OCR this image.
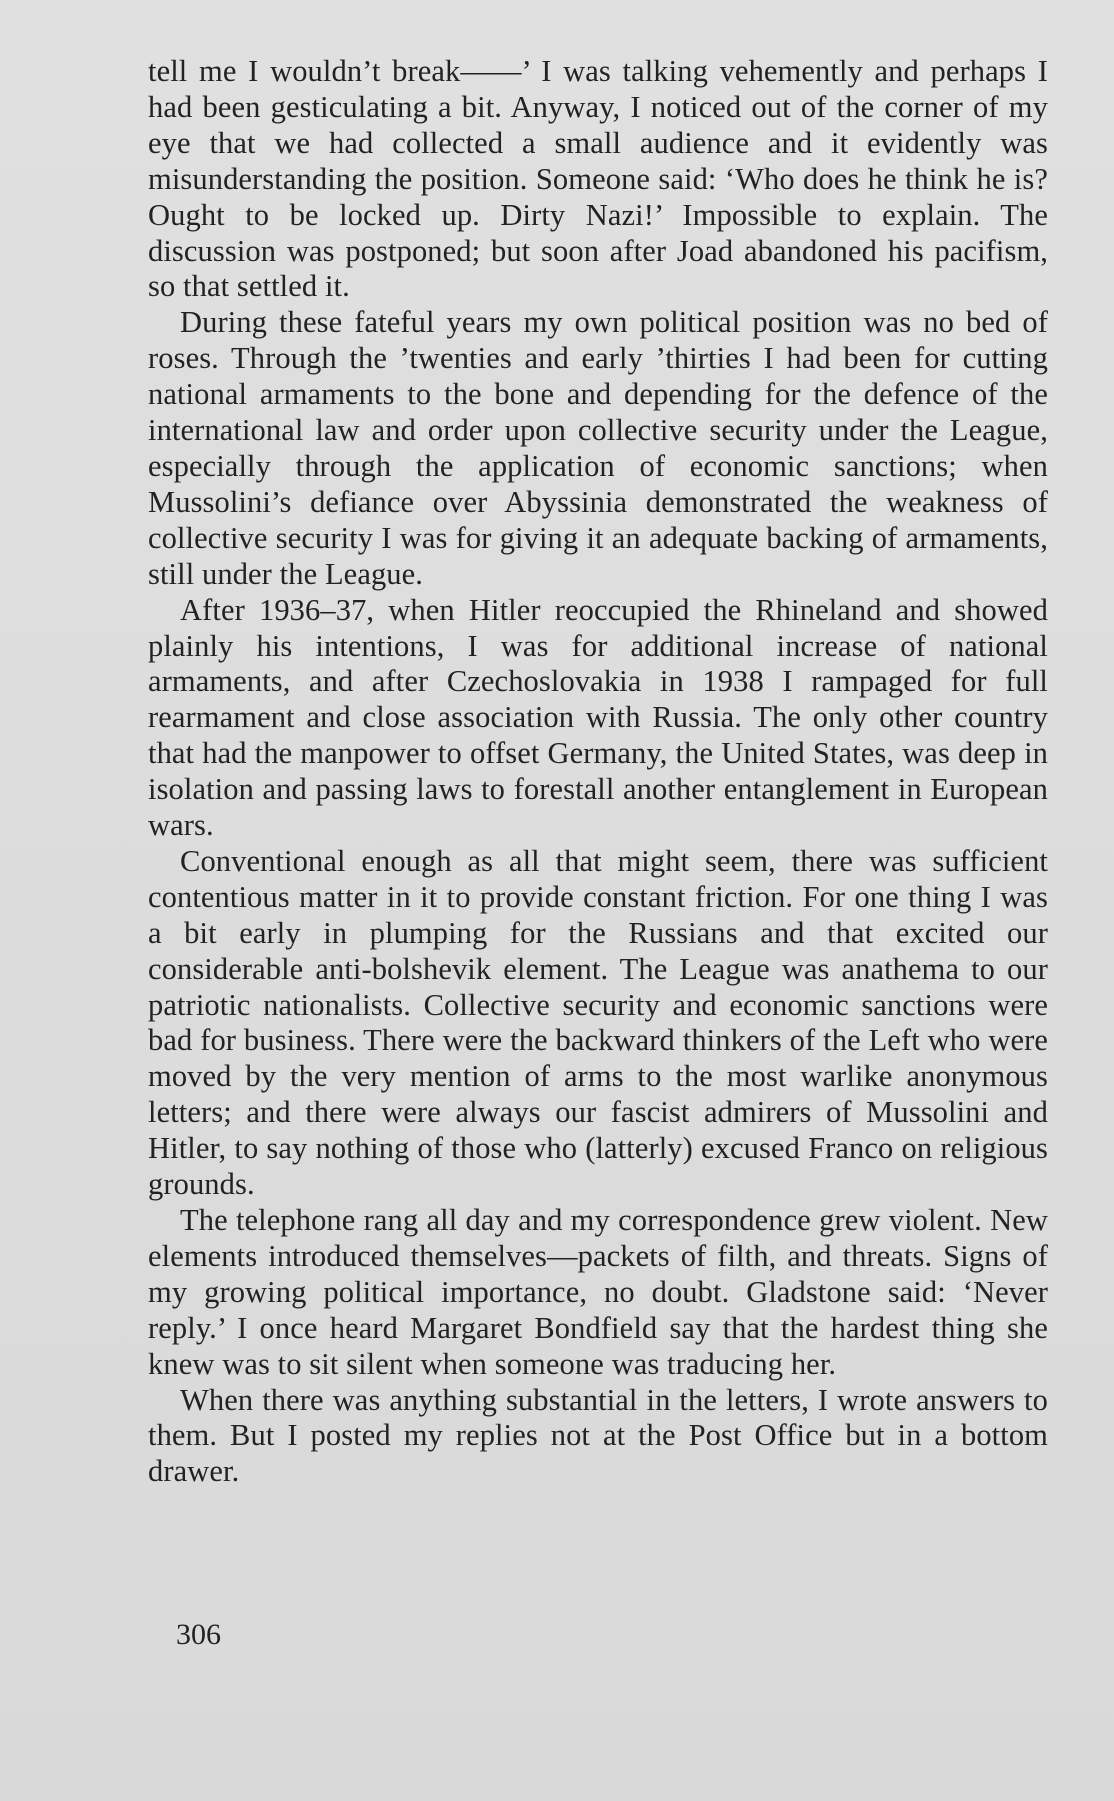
tell me I wouldn’t break——’ I was talking vehemently and perhaps I had been gesticulating a bit. Anyway, I noticed out of the corner of my eye that we had collected a small audience and it evidently was misunderstanding the position. Someone said: ‘Who does he think he is? Ought to be locked up. Dirty Nazi!’ Impossible to explain. The discussion was postponed; but soon after Joad abandoned his pacifism, so that settled it.

During these fateful years my own political position was no bed of roses. Through the ’twenties and early ’thirties I had been for cutting national armaments to the bone and depending for the defence of the international law and order upon collective security under the League, especially through the application of economic sanctions; when Mussolini’s defiance over Abyssinia demonstrated the weakness of collective security I was for giving it an adequate backing of armaments, still under the League.

After 1936–37, when Hitler reoccupied the Rhineland and showed plainly his intentions, I was for additional increase of national armaments, and after Czechoslovakia in 1938 I rampaged for full rearmament and close association with Russia. The only other country that had the manpower to offset Germany, the United States, was deep in isolation and passing laws to forestall another entanglement in European wars.

Conventional enough as all that might seem, there was sufficient contentious matter in it to provide constant friction. For one thing I was a bit early in plumping for the Russians and that excited our considerable anti-bolshevik element. The League was anathema to our patriotic nationalists. Collective security and economic sanctions were bad for business. There were the backward thinkers of the Left who were moved by the very mention of arms to the most warlike anonymous letters; and there were always our fascist admirers of Mussolini and Hitler, to say nothing of those who (latterly) excused Franco on religious grounds.

The telephone rang all day and my correspondence grew violent. New elements introduced themselves—packets of filth, and threats. Signs of my growing political importance, no doubt. Gladstone said: ‘Never reply.’ I once heard Margaret Bondfield say that the hardest thing she knew was to sit silent when someone was traducing her.

When there was anything substantial in the letters, I wrote answers to them. But I posted my replies not at the Post Office but in a bottom drawer.

306
